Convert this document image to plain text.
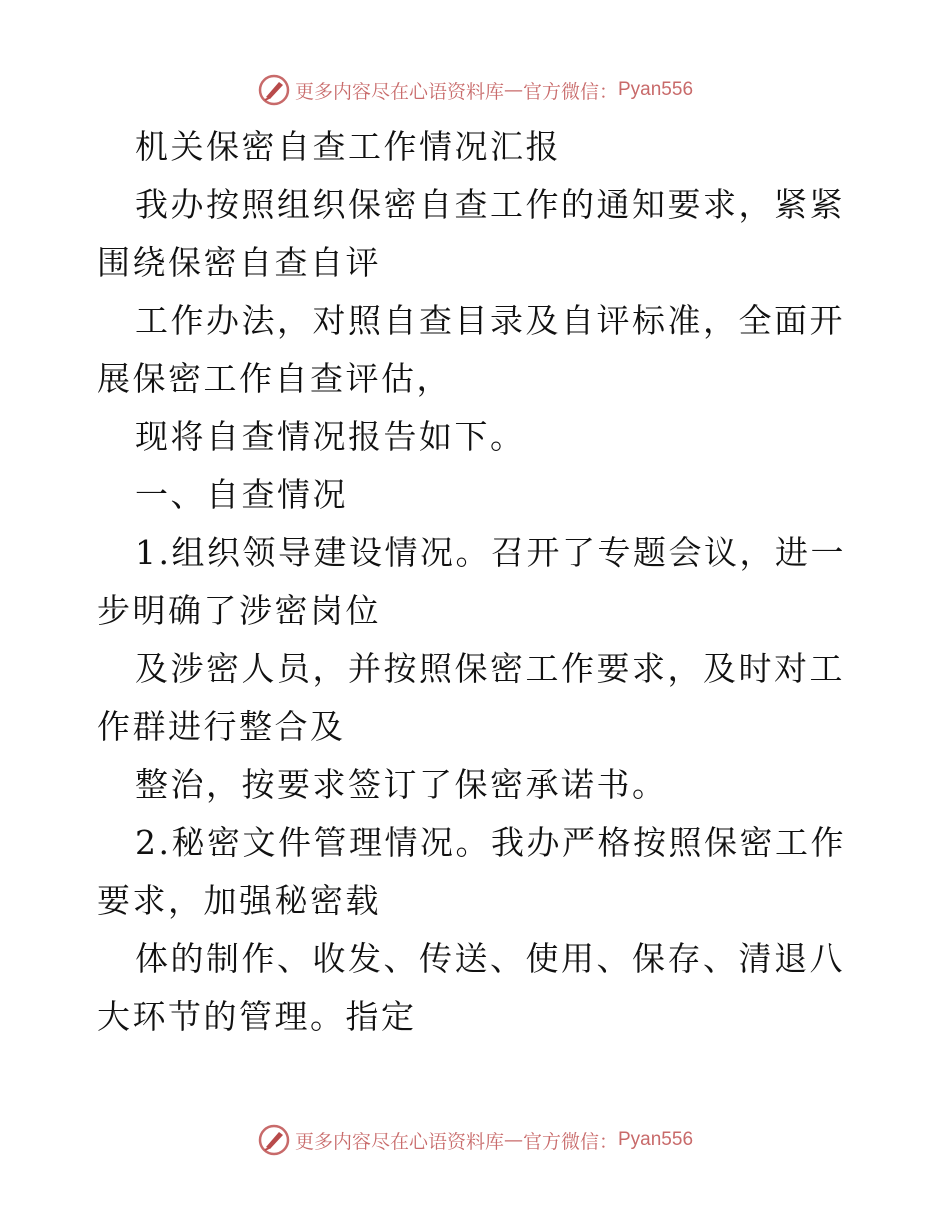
更多内容尽在心语资料库 — 官方微信： Pyan556

机关保密自查工作情况汇报

我办按照组织保密自查工作的通知要求，紧紧围绕保密自查自评

工作办法，对照自查目录及自评标准，全面开展保密工作自查评估，

现将自查情况报告如下。

一、自查情况

1.组织领导建设情况。召开了专题会议，进一步明确了涉密岗位

及涉密人员，并按照保密工作要求，及时对工作群进行整合及

整治，按要求签订了保密承诺书。

2.秘密文件管理情况。我办严格按照保密工作要求，加强秘密载

体的制作、收发、传送、使用、保存、清退八大环节的管理。指定

更多内容尽在心语资料库 — 官方微信： Pyan556
